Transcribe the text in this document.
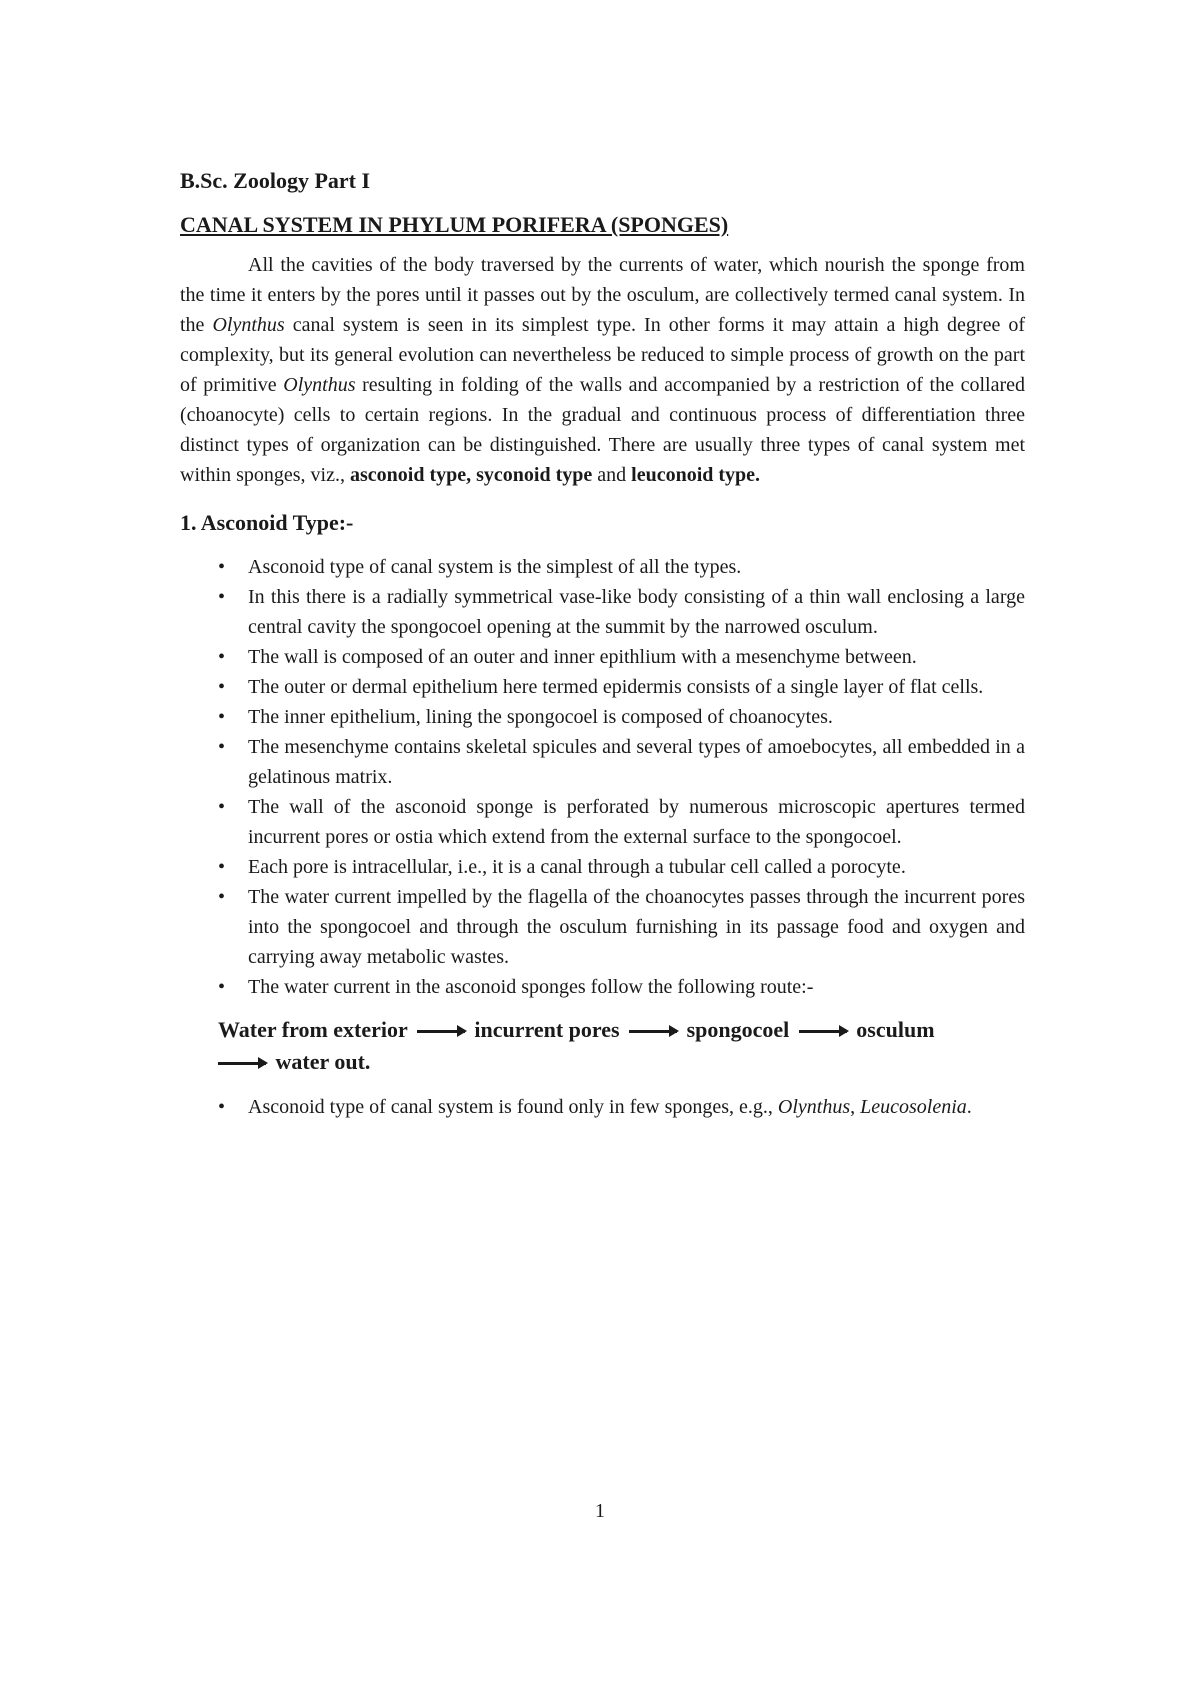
B.Sc. Zoology Part I
CANAL SYSTEM IN PHYLUM PORIFERA (SPONGES)

All the cavities of the body traversed by the currents of water, which nourish the sponge from the time it enters by the pores until it passes out by the osculum, are collectively termed canal system. In the Olynthus canal system is seen in its simplest type. In other forms it may attain a high degree of complexity, but its general evolution can nevertheless be reduced to simple process of growth on the part of primitive Olynthus resulting in folding of the walls and accompanied by a restriction of the collared (choanocyte) cells to certain regions. In the gradual and continuous process of differentiation three distinct types of organization can be distinguished. There are usually three types of canal system met within sponges, viz., asconoid type, syconoid type and leuconoid type.

1. Asconoid Type:-
• Asconoid type of canal system is the simplest of all the types.
• In this there is a radially symmetrical vase-like body consisting of a thin wall enclosing a large central cavity the spongocoel opening at the summit by the narrowed osculum.
• The wall is composed of an outer and inner epithlium with a mesenchyme between.
• The outer or dermal epithelium here termed epidermis consists of a single layer of flat cells.
• The inner epithelium, lining the spongocoel is composed of choanocytes.
• The mesenchyme contains skeletal spicules and several types of amoebocytes, all embedded in a gelatinous matrix.
• The wall of the asconoid sponge is perforated by numerous microscopic apertures termed incurrent pores or ostia which extend from the external surface to the spongocoel.
• Each pore is intracellular, i.e., it is a canal through a tubular cell called a porocyte.
• The water current impelled by the flagella of the choanocytes passes through the incurrent pores into the spongocoel and through the osculum furnishing in its passage food and oxygen and carrying away metabolic wastes.
• The water current in the asconoid sponges follow the following route:-
Water from exterior	incurrent pores	spongocoel	osculum
water out.
• Asconoid type of canal system is found only in few sponges, e.g., Olynthus, Leucosolenia.
1
